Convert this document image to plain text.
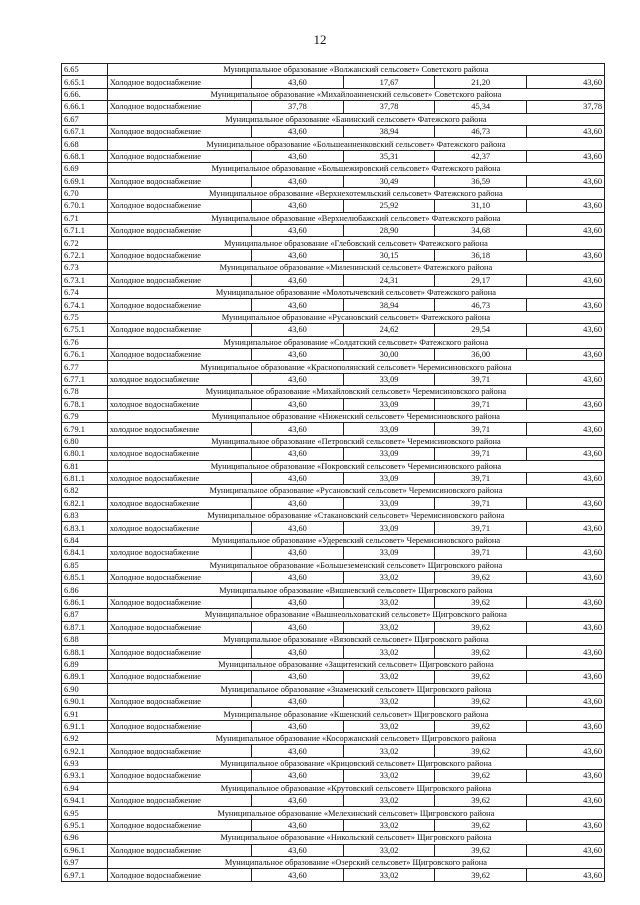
12
6.65	Муниципальное образование «Волжанский сельсовет» Советского района				
6.65.1	Холодное водоснабжение	43,60	17,67	21,20	43,60
6.66.	Муниципальное образование «Михайлоанненский сельсовет» Советского района				
6.66.1	Холодное водоснабжение	37,78	37,78	45,34	37,78
6.67	Муниципальное образование «Банинский сельсовет» Фатежского района				
6.67.1	Холодное водоснабжение	43,60	38,94	46,73	43,60
6.68	Муниципальное образование «Большеанненковский сельсовет» Фатежского района				
6.68.1	Холодное водоснабжение	43,60	35,31	42,37	43,60
6.69	Муниципальное образование «Большежировский сельсовет» Фатежского района				
6.69.1	Холодное водоснабжение	43,60	30,49	36,59	43,60
6.70	Муниципальное образование «Верхнехотемльский сельсовет» Фатежского района				
6.70.1	Холодное водоснабжение	43,60	25,92	31,10	43,60
6.71	Муниципальное образование «Верхнелюбажский сельсовет» Фатежского района				
6.71.1	Холодное водоснабжение	43,60	28,90	34,68	43,60
6.72	Муниципальное образование «Глебовский сельсовет» Фатежского района				
6.72.1	Холодное водоснабжение	43,60	30,15	36,18	43,60
6.73	Муниципальное образование «Миленинский сельсовет» Фатежского района				
6.73.1	Холодное водоснабжение	43,60	24,31	29,17	43,60
6.74	Муниципальное образование «Молотычевский сельсовет» Фатежского района				
6.74.1	Холодное водоснабжение	43,60	38,94	46,73	43,60
6.75	Муниципальное образование «Русановский сельсовет» Фатежского района				
6.75.1	Холодное водоснабжение	43,60	24,62	29,54	43,60
6.76	Муниципальное образование «Солдатский сельсовет» Фатежского района				
6.76.1	Холодное водоснабжение	43,60	30,00	36,00	43,60
6.77	Муниципальное образование «Краснополянский сельсовет» Черемисиновского района				
6.77.1	холодное водоснабжение	43,60	33,09	39,71	43,60
6.78	Муниципальное образование «Михайловский сельсовет» Черемисиновского района				
6.78.1	холодное водоснабжение	43,60	33,09	39,71	43,60
6.79	Муниципальное образование «Ниженский сельсовет» Черемисиновского района				
6.79.1	холодное водоснабжение	43,60	33,09	39,71	43,60
6.80	Муниципальное образование «Петровский сельсовет» Черемисиновского района				
6.80.1	холодное водоснабжение	43,60	33,09	39,71	43,60
6.81	Муниципальное образование «Покровский сельсовет» Черемисиновского района				
6.81.1	холодное водоснабжение	43,60	33,09	39,71	43,60
6.82	Муниципальное образование «Русановский сельсовет» Черемисиновского района				
6.82.1	холодное водоснабжение	43,60	33,09	39,71	43,60
6.83	Муниципальное образование «Стакановский сельсовет» Черемисиновского района				
6.83.1	холодное водоснабжение	43,60	33,09	39,71	43,60
6.84	Муниципальное образование «Удеревский сельсовет» Черемисиновского района				
6.84.1	холодное водоснабжение	43,60	33,09	39,71	43,60
6.85	Муниципальное образование «Большеземенский сельсовет» Щигровского района				
6.85.1	Холодное водоснабжение	43,60	33,02	39,62	43,60
6.86	Муниципальное образование «Вишневский сельсовет» Щигровского района				
6.86.1	Холодное водоснабжение	43,60	33,02	39,62	43,60
6.87	Муниципальное образование «Вышнеольховатский сельсовет» Щигровского района				
6.87.1	Холодное водоснабжение	43,60	33,02	39,62	43,60
6.88	Муниципальное образование «Вязовский сельсовет» Щигровского района				
6.88.1	Холодное водоснабжение	43,60	33,02	39,62	43,60
6.89	Муниципальное образование «Защитенский сельсовет» Щигровского района				
6.89.1	Холодное водоснабжение	43,60	33,02	39,62	43,60
6.90	Муниципальное образование «Знаменский сельсовет» Щигровского района				
6.90.1	Холодное водоснабжение	43,60	33,02	39,62	43,60
6.91	Муниципальное образование «Кшенский сельсовет» Щигровского района				
6.91.1	Холодное водоснабжение	43,60	33,02	39,62	43,60
6.92	Муниципальное образование «Косоржанский сельсовет» Щигровского района				
6.92.1	Холодное водоснабжение	43,60	33,02	39,62	43,60
6.93	Муниципальное образование «Крицовский сельсовет» Щигровского района				
6.93.1	Холодное водоснабжение	43,60	33,02	39,62	43,60
6.94	Муниципальное образование «Крутовский сельсовет» Щигровского района				
6.94.1	Холодное водоснабжение	43,60	33,02	39,62	43,60
6.95	Муниципальное образование «Мелехинский сельсовет» Щигровского района				
6.95.1	Холодное водоснабжение	43,60	33,02	39,62	43,60
6.96	Муниципальное образование «Никольский сельсовет» Щигровского района				
6.96.1	Холодное водоснабжение	43,60	33,02	39,62	43,60
6.97	Муниципальное образование «Озерский сельсовет» Щигровского района				
6.97.1	Холодное водоснабжение	43,60	33,02	39,62	43,60
